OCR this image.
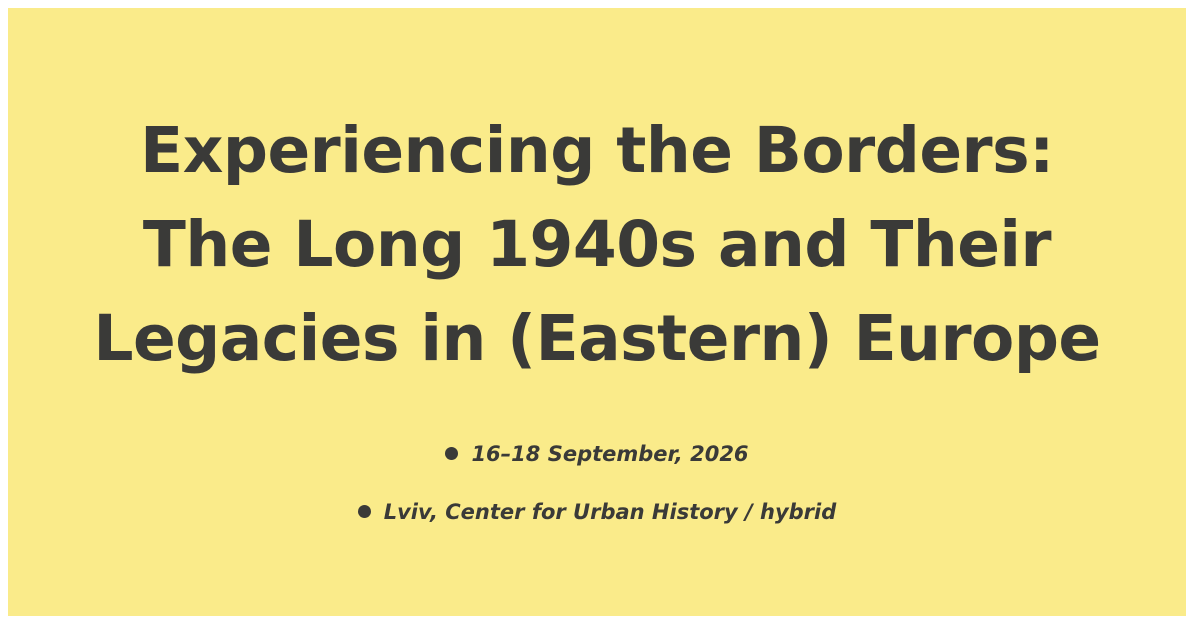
Experiencing the Borders:
The Long 1940s and Their
Legacies in (Eastern) Europe
16–18 September, 2026
Lviv, Center for Urban History / hybrid
